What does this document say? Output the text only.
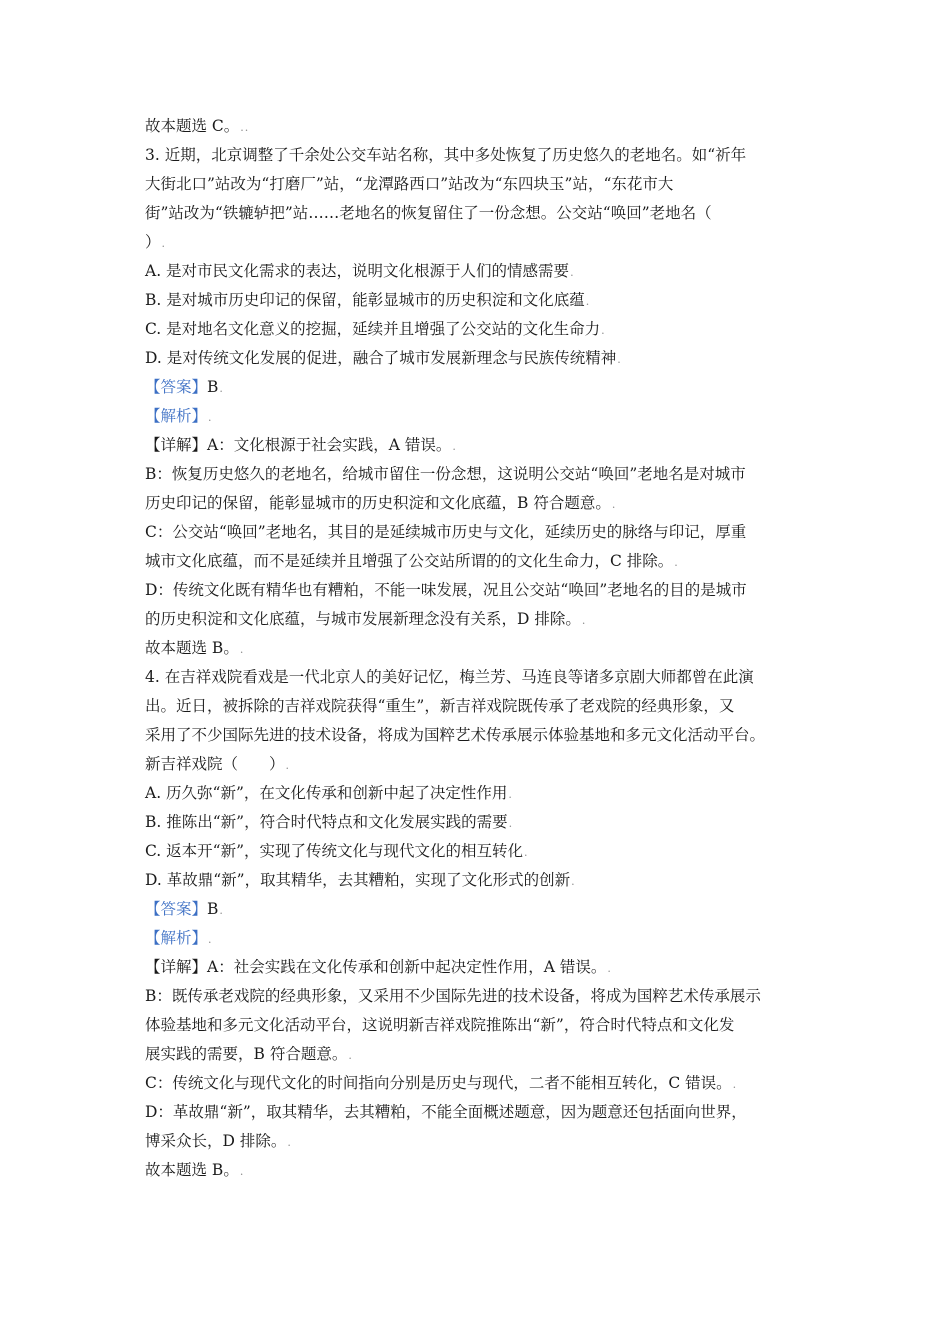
故本题选 C。..
3. 近期，北京调整了千余处公交车站名称，其中多处恢复了历史悠久的老地名。如“祈年
大街北口”站改为“打磨厂”站，“龙潭路西口”站改为“东四块玉”站，“东花市大
街”站改为“铁辘轳把”站……老地名的恢复留住了一份念想。公交站“唤回”老地名（
）.
A. 是对市民文化需求的表达，说明文化根源于人们的情感需要.
B. 是对城市历史印记的保留，能彰显城市的历史积淀和文化底蕴.
C. 是对地名文化意义的挖掘，延续并且增强了公交站的文化生命力.
D. 是对传统文化发展的促进，融合了城市发展新理念与民族传统精神.
【答案】B.
【解析】.
【详解】A：文化根源于社会实践，A 错误。.
B：恢复历史悠久的老地名，给城市留住一份念想，这说明公交站“唤回”老地名是对城市
历史印记的保留，能彰显城市的历史积淀和文化底蕴，B 符合题意。.
C：公交站“唤回”老地名，其目的是延续城市历史与文化，延续历史的脉络与印记，厚重
城市文化底蕴，而不是延续并且增强了公交站所谓的的文化生命力，C 排除。.
D：传统文化既有精华也有糟粕，不能一味发展，况且公交站“唤回”老地名的目的是城市
的历史积淀和文化底蕴，与城市发展新理念没有关系，D 排除。.
故本题选 B。.
4. 在吉祥戏院看戏是一代北京人的美好记忆，梅兰芳、马连良等诸多京剧大师都曾在此演
出。近日，被拆除的吉祥戏院获得“重生”，新吉祥戏院既传承了老戏院的经典形象，又
采用了不少国际先进的技术设备，将成为国粹艺术传承展示体验基地和多元文化活动平台。
新吉祥戏院（　　）.
A. 历久弥“新”，在文化传承和创新中起了决定性作用.
B. 推陈出“新”，符合时代特点和文化发展实践的需要.
C. 返本开“新”，实现了传统文化与现代文化的相互转化.
D. 革故鼎“新”，取其精华，去其糟粕，实现了文化形式的创新.
【答案】B.
【解析】.
【详解】A：社会实践在文化传承和创新中起决定性作用，A 错误。.
B：既传承老戏院的经典形象，又采用不少国际先进的技术设备，将成为国粹艺术传承展示
体验基地和多元文化活动平台，这说明新吉祥戏院推陈出“新”，符合时代特点和文化发
展实践的需要，B 符合题意。.
C：传统文化与现代文化的时间指向分别是历史与现代，二者不能相互转化，C 错误。.
D：革故鼎“新”，取其精华，去其糟粕，不能全面概述题意，因为题意还包括面向世界，
博采众长，D 排除。.
故本题选 B。.
